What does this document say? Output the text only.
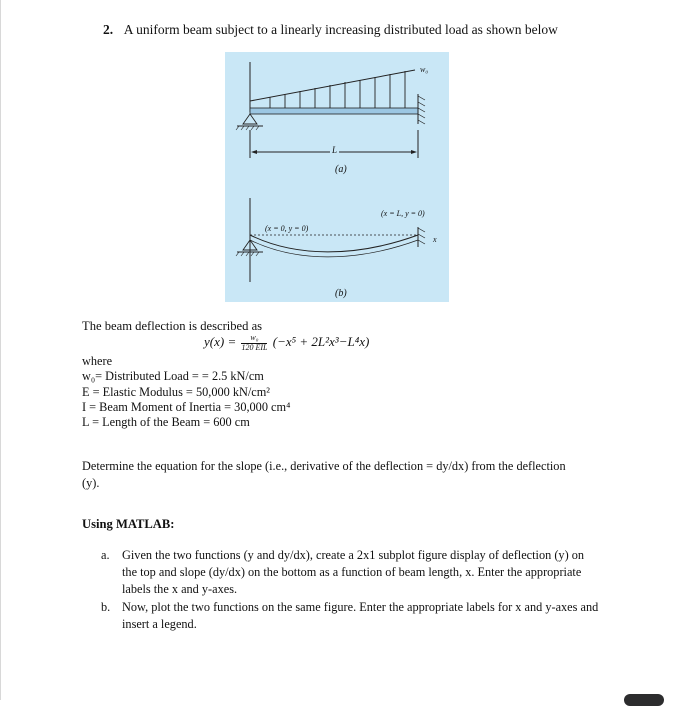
2. A uniform beam subject to a linearly increasing distributed load as shown below
w₀
L
(a)
(x = L, y = 0)
(x = 0, y = 0)
x
(b)
The beam deflection is described as
$y(x) = \frac{\text{w₀}}{\text{120 EIL}} (-x^5 + 2L^2x^3-L^4x)$
where
w₀= Distributed Load = = 2.5 kN/cm
E = Elastic Modulus = 50,000 kN/cm²
I = Beam Moment of Inertia = 30,000 cm⁴
L = Length of the Beam = 600 cm
Determine the equation for the slope (i.e., derivative of the deflection = dy/dx) from the deflection (y).
Using MATLAB:
a. Given the two functions (y and dy/dx), create a 2x1 subplot figure display of deflection (y) on the top and slope (dy/dx) on the bottom as a function of beam length, x. Enter the appropriate labels the x and y-axes.
b. Now, plot the two functions on the same figure. Enter the appropriate labels for x and y-axes and insert a legend.
